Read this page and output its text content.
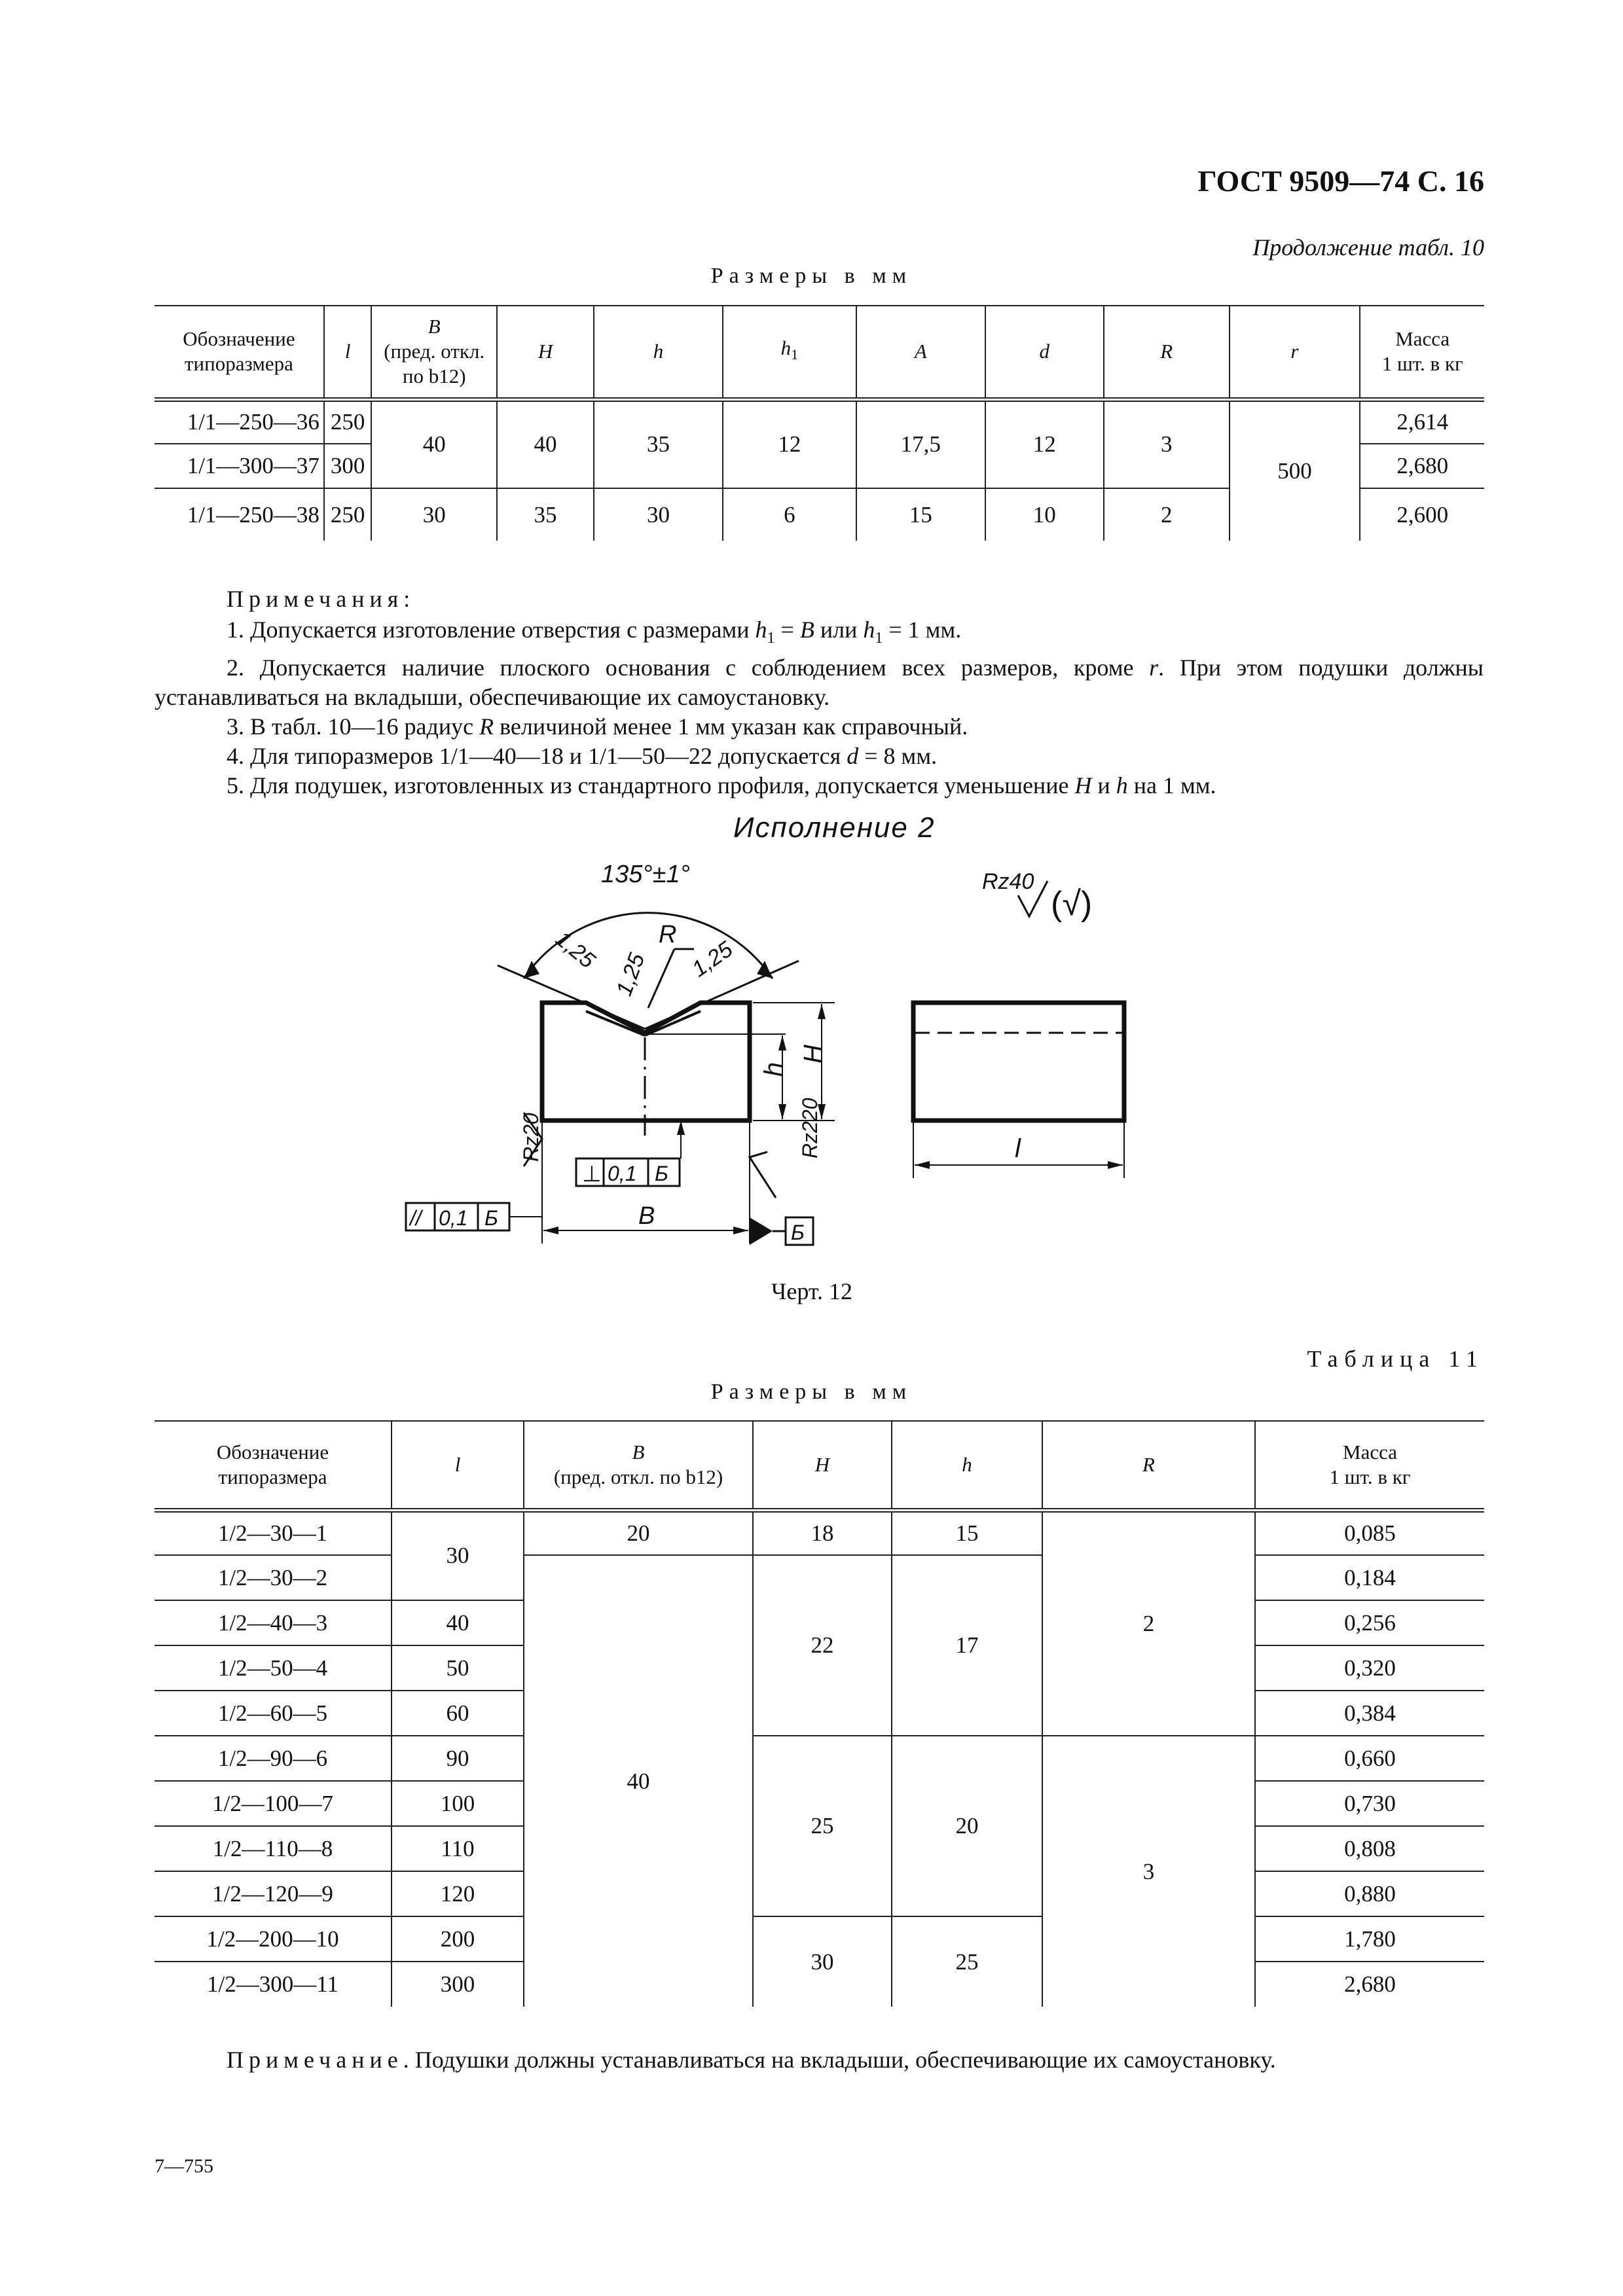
ГОСТ 9509—74 С. 16
Продолжение табл. 10
Размеры в мм
Обозначение
типоразмера	l	B
(пред. откл.
по b12)	H	h	$h_1$	A	d	R	r	Масса
1 шт. в кг
1/1—250—36	250	40	40	35	12	17,5	12	3	500	2,614
1/1—300—37	300									2,680
1/1—250—38	250	30	35	30	6	15	10	2		2,600
Примечания:
1. Допускается изготовление отверстия с размерами $h_1 = B$ или $h_1 = 1$ мм.
2. Допускается наличие плоского основания с соблюдением всех размеров, кроме r. При этом подушки должны устанавливаться на вкладыши, обеспечивающие их самоустановку.
3. В табл. 10—16 радиус R величиной менее 1 мм указан как справочный.
4. Для типоразмеров 1/1—40—18 и 1/1—50—22 допускается d = 8 мм.
5. Для подушек, изготовленных из стандартного профиля, допускается уменьшение H и h на 1 мм.
Исполнение 2
135°±1°
1,25
1,25 1,25
R
h
H
Rz20	Rz220
⊥ 0,1 Б
B
// 0,1 Б
Б
Rz40
(√)
l
Черт. 12
Таблица 11
Размеры в мм
Обозначение
типоразмера	l	B
(пред. откл. по b12)	H	h	R	Масса
1 шт. в кг
1/2—30—1	30	20	18	15	2	0,085
1/2—30—2		40	22	17		0,184
1/2—40—3	40					0,256
1/2—50—4	50					0,320
1/2—60—5	60					0,384
1/2—90—6	90		25	20	3	0,660
1/2—100—7	100					0,730
1/2—110—8	110					0,808
1/2—120—9	120					0,880
1/2—200—10	200		30	25		1,780
1/2—300—11	300					2,680
Примечание. Подушки должны устанавливаться на вкладыши, обеспечивающие их самоустановку.
7—755
